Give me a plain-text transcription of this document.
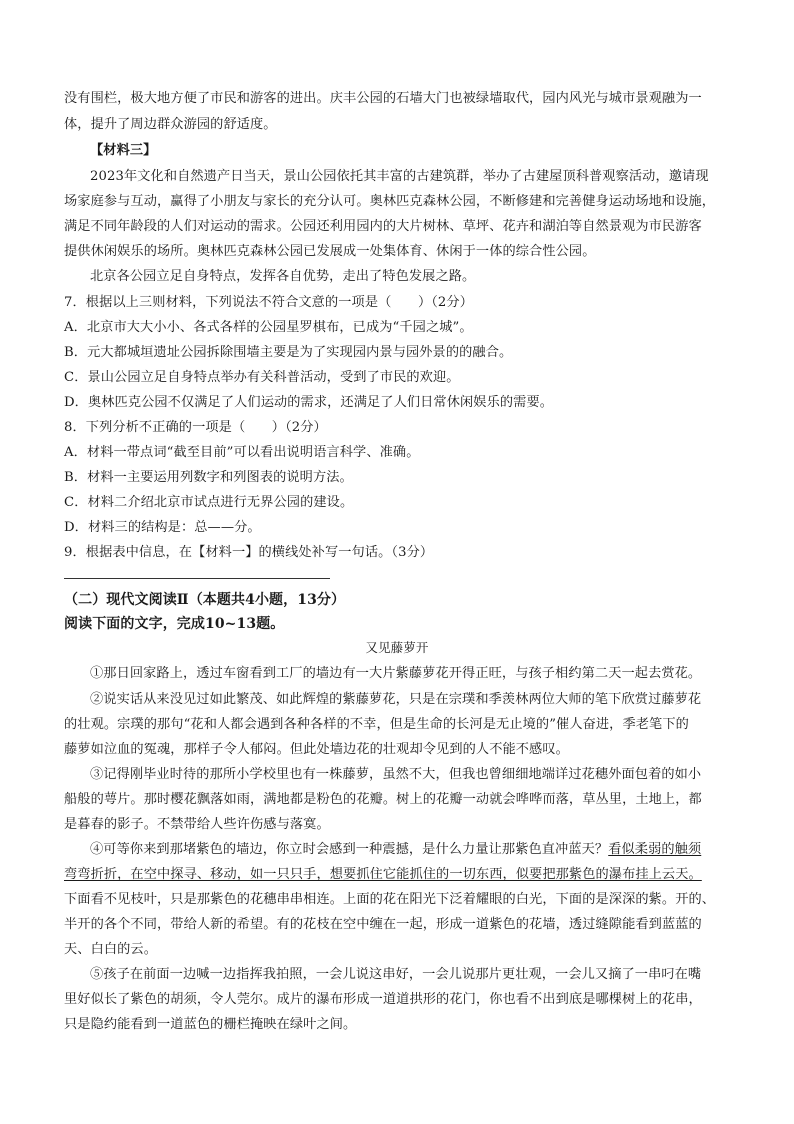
没有围栏，极大地方便了市民和游客的进出。庆丰公园的石墙大门也被绿墙取代，园内风光与城市景观融为一
体，提升了周边群众游园的舒适度。
【材料三】
2023年文化和自然遗产日当天，景山公园依托其丰富的古建筑群，举办了古建屋顶科普观察活动，邀请现
场家庭参与互动，赢得了小朋友与家长的充分认可。奥林匹克森林公园，不断修建和完善健身运动场地和设施，
满足不同年龄段的人们对运动的需求。公园还利用园内的大片树林、草坪、花卉和湖泊等自然景观为市民游客
提供休闲娱乐的场所。奥林匹克森林公园已发展成一处集体育、休闲于一体的综合性公园。
北京各公园立足自身特点，发挥各自优势，走出了特色发展之路。
7．根据以上三则材料，下列说法不符合文意的一项是（　　）（2分）
A．北京市大大小小、各式各样的公园星罗棋布，已成为“千园之城”。
B．元大都城垣遗址公园拆除围墙主要是为了实现园内景与园外景的的融合。
C．景山公园立足自身特点举办有关科普活动，受到了市民的欢迎。
D．奥林匹克公园不仅满足了人们运动的需求，还满足了人们日常休闲娱乐的需要。
8．下列分析不正确的一项是（　　）（2分）
A．材料一带点词“截至目前”可以看出说明语言科学、准确。
B．材料一主要运用列数字和列图表的说明方法。
C．材料二介绍北京市试点进行无界公园的建设。
D．材料三的结构是：总——分。
9．根据表中信息，在【材料一】的横线处补写一句话。（3分）
（二）现代文阅读Ⅱ（本题共4小题，13分）
阅读下面的文字，完成10~13题。
又见藤萝开
①那日回家路上，透过车窗看到工厂的墙边有一大片紫藤萝花开得正旺，与孩子相约第二天一起去赏花。
②说实话从来没见过如此繁茂、如此辉煌的紫藤萝花，只是在宗璞和季羡林两位大师的笔下欣赏过藤萝花
的壮观。宗璞的那句“花和人都会遇到各种各样的不幸，但是生命的长河是无止境的”催人奋进，季老笔下的
藤萝如泣血的冤魂，那样子令人郁闷。但此处墙边花的壮观却令见到的人不能不感叹。
③记得刚毕业时待的那所小学校里也有一株藤萝，虽然不大，但我也曾细细地端详过花穗外面包着的如小
船般的萼片。那时樱花飘落如雨，满地都是粉色的花瓣。树上的花瓣一动就会哗哗而落，草丛里，土地上，都
是暮春的影子。不禁带给人些许伤感与落寞。
④可等你来到那堵紫色的墙边，你立时会感到一种震撼，是什么力量让那紫色直冲蓝天？看似柔弱的触须
弯弯折折，在空中探寻、移动，如一只只手，想要抓住它能抓住的一切东西，似要把那紫色的瀑布挂上云天。
下面看不见枝叶，只是那紫色的花穗串串相连。上面的花在阳光下泛着耀眼的白光，下面的是深深的紫。开的、
半开的各个不同，带给人新的希望。有的花枝在空中缠在一起，形成一道紫色的花墙，透过缝隙能看到蓝蓝的
天、白白的云。
⑤孩子在前面一边喊一边指挥我拍照，一会儿说这串好，一会儿说那片更壮观，一会儿又摘了一串叼在嘴
里好似长了紫色的胡须，令人莞尔。成片的瀑布形成一道道拱形的花门，你也看不出到底是哪棵树上的花串，
只是隐约能看到一道蓝色的栅栏掩映在绿叶之间。
